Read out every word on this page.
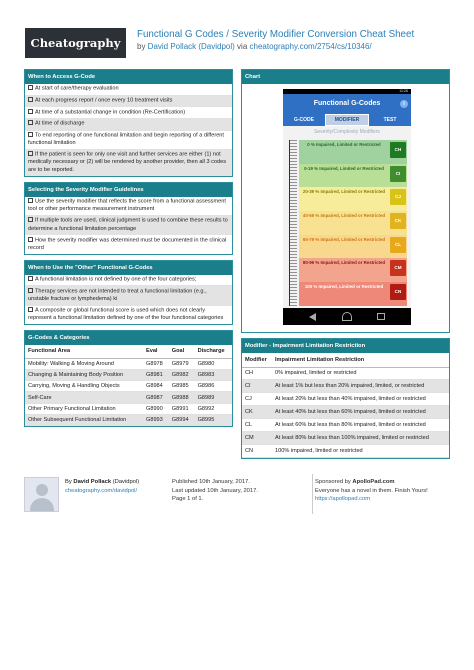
Cheatography
Functional G Codes / Severity Modifier Conversion Cheat Sheet
by David Pollack (Davidpol) via cheatography.com/2754/cs/10346/
When to Access G-Code
At start of care/therapy evaluation
At each progress report / once every 10 treatment visits
At time of a substantial change in condition (Re-Certification)
At time of discharge
To end reporting of one functional limitation and begin reporting of a different functional limitation
If the patient is seen for only one visit and further services are either (1) not medically necessary or (2) will be rendered by another provider, then all 3 codes are to be reported.
Selecting the Severity Modifier Guidelines
Use the severity modifier that reflects the score from a functional assessment tool or other performance measurement instrument
If multiple tools are used, clinical judgment is used to combine these results to determine a functional limitation percentage
How the severity modifier was determined must be documented in the clinical record
When to Use the "Other" Functional G-Codes
A functional limitation is not defined by one of the four categories;
Therapy services are not intended to treat a functional limitation (e.g., unstable fracture or lymphedema) ki
A composite or global functional score is used which does not clearly represent a functional limitation defined by one of the four functional categories
G-Codes & Categories
Functional Area	Eval	Goal	Discharge
Mobility: Walking & Moving Around	G8978	G8979	G8980
Changing & Maintaining Body Position	G8981	G8982	G8983
Carrying, Moving & Handling Objects	G8984	G8985	G8986
Self-Care	G8987	G8988	G8989
Other Primary Functional Limitation	G8990	G8991	G8992
Other Subsequent Functional Limitation	G8993	G8994	G8995
Chart
11:26
Functional G-Codes	i
G-CODE	MODIFIER	TEST
Severity/Complexity Modifiers
0 % Impaired, Limited or Restricted
CH
0-19 % Impaired, Limited or Restricted
CI
20-39 % Impaired, Limited or Restricted
CJ
40-59 % Impaired, Limited or Restricted
CK
60-79 % Impaired, Limited or Restricted
CL
80-99 % Impaired, Limited or Restricted
CM
100 % Impaired, Limited or Restricted
CN
Modifier - Impairment Limitation Restriction
Modifier	Impairment Limitation Restriction
CH	0% impaired, limited or restricted
CI	At least 1% but less than 20% impaired, limited, or restricted
CJ	At least 20% but less than 40% impaired, limited or restricted
CK	At least 40% but less than 60% impaired, limited or restricted
CL	At least 60% but less than 80% impaired, limited or restricted
CM	At least 80% but less than 100% impaired, limited or restricted
CN	100% impaired, limited or restricted
By David Pollack (Davidpol)
cheatography.com/davidpol/
Published 10th January, 2017.
Last updated 10th January, 2017.
Page 1 of 1.
Sponsored by ApolloPad.com
Everyone has a novel in them. Finish Yours!
https://apollopad.com
